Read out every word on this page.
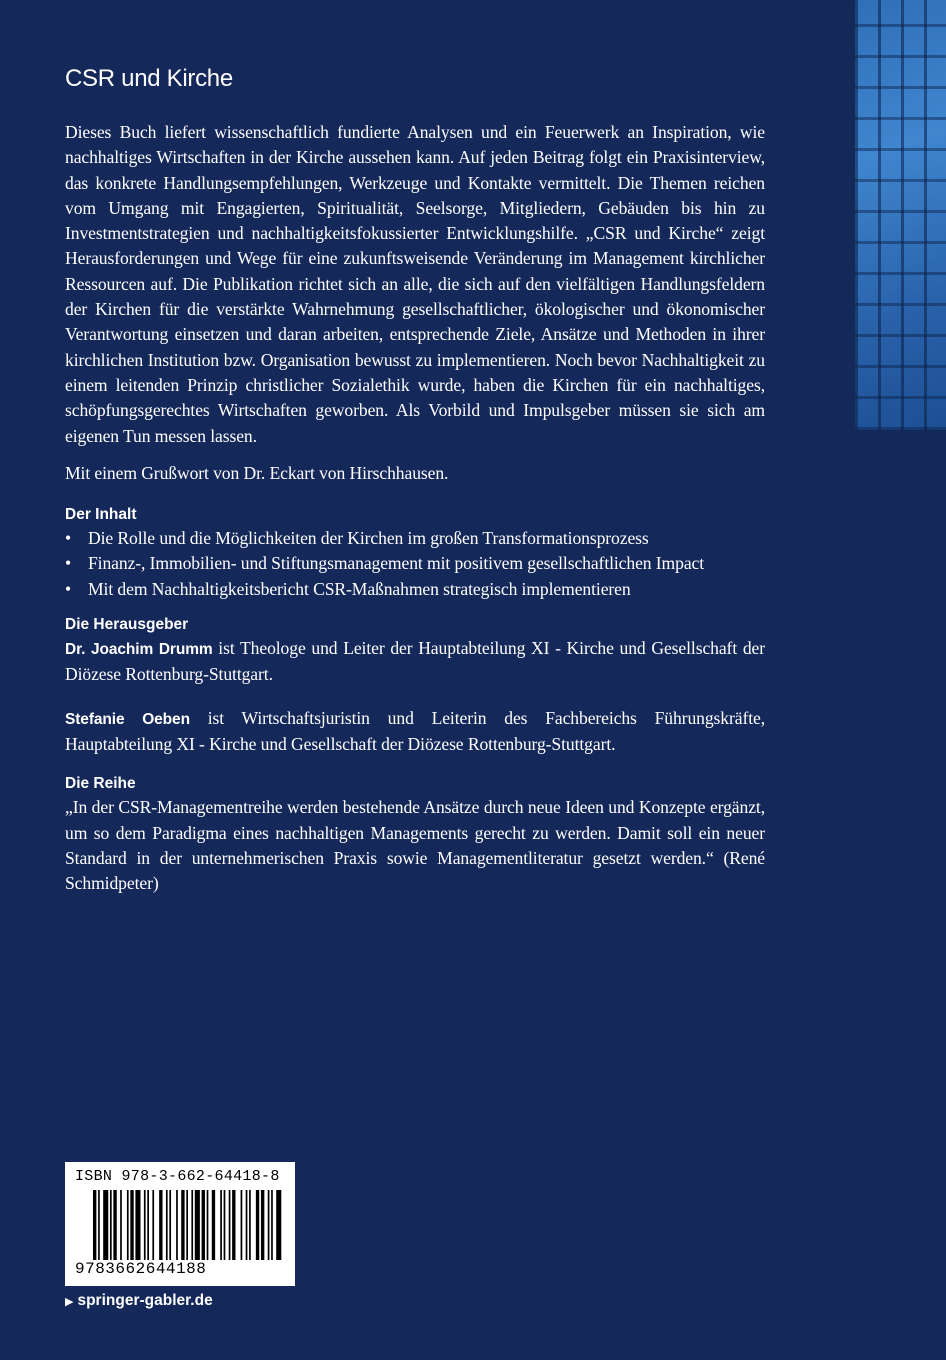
CSR und Kirche

Dieses Buch liefert wissenschaftlich fundierte Analysen und ein Feuerwerk an Inspiration, wie nachhaltiges Wirtschaften in der Kirche aussehen kann. Auf jeden Beitrag folgt ein Praxisinterview, das konkrete Handlungsempfehlungen, Werkzeuge und Kontakte vermittelt. Die Themen reichen vom Umgang mit Engagierten, Spiritualität, Seelsorge, Mitgliedern, Gebäuden bis hin zu Investmentstrategien und nachhaltigkeitsfokussierter Entwicklungshilfe. „CSR und Kirche“ zeigt Herausforderungen und Wege für eine zukunftsweisende Veränderung im Management kirchlicher Ressourcen auf. Die Publikation richtet sich an alle, die sich auf den vielfältigen Handlungsfeldern der Kirchen für die verstärkte Wahrnehmung gesellschaftlicher, ökologischer und ökonomischer Verantwortung einsetzen und daran arbeiten, entsprechende Ziele, Ansätze und Methoden in ihrer kirchlichen Institution bzw. Organisation bewusst zu implementieren. Noch bevor Nachhaltigkeit zu einem leitenden Prinzip christlicher Sozialethik wurde, haben die Kirchen für ein nachhaltiges, schöpfungsgerechtes Wirtschaften geworben. Als Vorbild und Impulsgeber müssen sie sich am eigenen Tun messen lassen.

Mit einem Grußwort von Dr. Eckart von Hirschhausen.

Der Inhalt
• Die Rolle und die Möglichkeiten der Kirchen im großen Transformationsprozess
• Finanz-, Immobilien- und Stiftungsmanagement mit positivem gesellschaftlichen Impact
• Mit dem Nachhaltigkeitsbericht CSR-Maßnahmen strategisch implementieren
Die Herausgeber

Dr. Joachim Drumm ist Theologe und Leiter der Hauptabteilung XI - Kirche und Gesellschaft der Diözese Rottenburg-Stuttgart.

Stefanie Oeben ist Wirtschaftsjuristin und Leiterin des Fachbereichs Führungskräfte, Hauptabteilung XI - Kirche und Gesellschaft der Diözese Rottenburg-Stuttgart.

Die Reihe

„In der CSR-Managementreihe werden bestehende Ansätze durch neue Ideen und Konzepte ergänzt, um so dem Paradigma eines nachhaltigen Managements gerecht zu werden. Damit soll ein neuer Standard in der unternehmerischen Praxis sowie Managementliteratur gesetzt werden.“ (René Schmidpeter)

ISBN 978-3-662-64418-8
9783662644188
▶ springer-gabler.de
